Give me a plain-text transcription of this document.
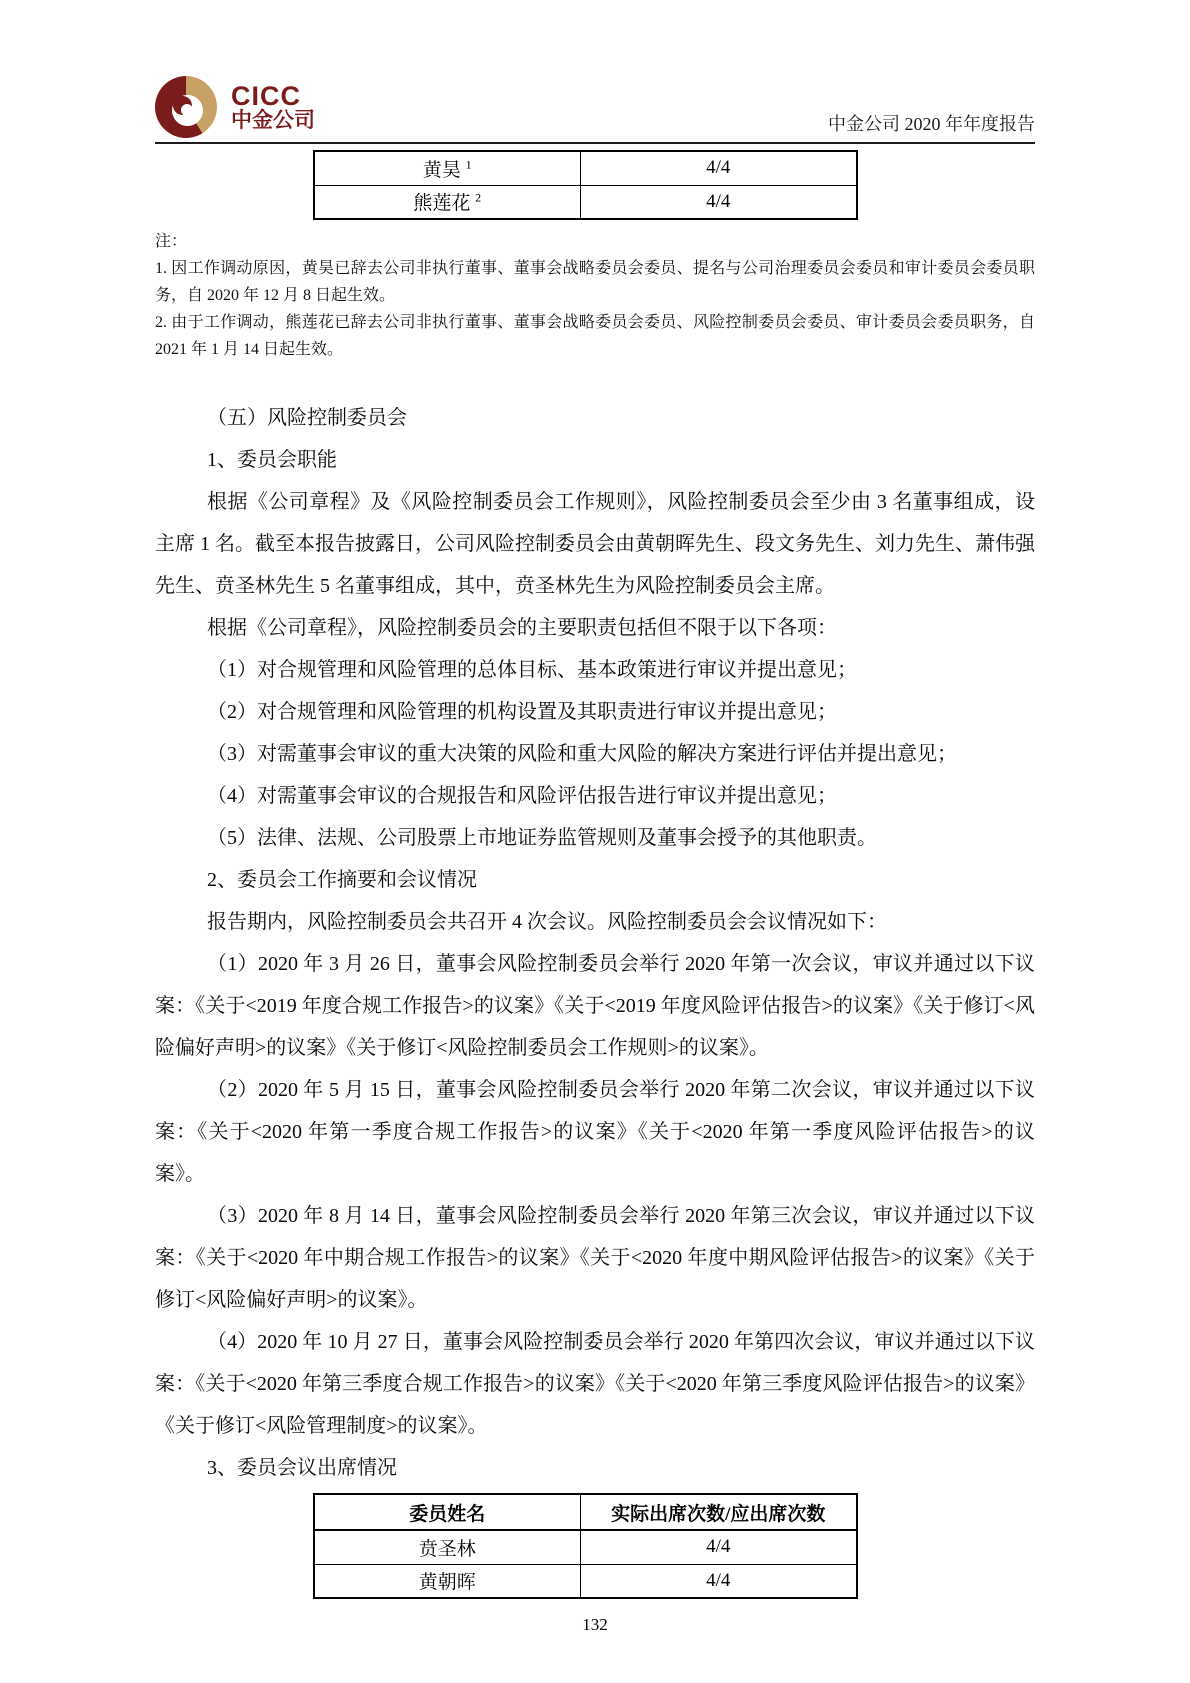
CICC
中金公司	中金公司 2020 年年度报告
黄昊 $^1$	4/4
熊莲花 $^2$	4/4

注：

1. 因工作调动原因，黄昊已辞去公司非执行董事、董事会战略委员会委员、提名与公司治理委员会委员和审计委员会委员职务，自 2020 年 12 月 8 日起生效。

2. 由于工作调动，熊莲花已辞去公司非执行董事、董事会战略委员会委员、风险控制委员会委员、审计委员会委员职务，自 2021 年 1 月 14 日起生效。

（五）风险控制委员会

1、委员会职能

根据《公司章程》及《风险控制委员会工作规则》，风险控制委员会至少由 3 名董事组成，设主席 1 名。截至本报告披露日，公司风险控制委员会由黄朝晖先生、段文务先生、刘力先生、萧伟强先生、贲圣林先生 5 名董事组成，其中，贲圣林先生为风险控制委员会主席。

根据《公司章程》，风险控制委员会的主要职责包括但不限于以下各项：

（1）对合规管理和风险管理的总体目标、基本政策进行审议并提出意见；

（2）对合规管理和风险管理的机构设置及其职责进行审议并提出意见；

（3）对需董事会审议的重大决策的风险和重大风险的解决方案进行评估并提出意见；

（4）对需董事会审议的合规报告和风险评估报告进行审议并提出意见；

（5）法律、法规、公司股票上市地证券监管规则及董事会授予的其他职责。

2、委员会工作摘要和会议情况

报告期内，风险控制委员会共召开 4 次会议。风险控制委员会会议情况如下：

（1）2020 年 3 月 26 日，董事会风险控制委员会举行 2020 年第一次会议，审议并通过以下议案：《关于<2019 年度合规工作报告>的议案》《关于<2019 年度风险评估报告>的议案》《关于修订<风险偏好声明>的议案》《关于修订<风险控制委员会工作规则>的议案》。

（2）2020 年 5 月 15 日，董事会风险控制委员会举行 2020 年第二次会议，审议并通过以下议案：《关于<2020 年第一季度合规工作报告>的议案》《关于<2020 年第一季度风险评估报告>的议案》。

（3）2020 年 8 月 14 日，董事会风险控制委员会举行 2020 年第三次会议，审议并通过以下议案：《关于<2020 年中期合规工作报告>的议案》《关于<2020 年度中期风险评估报告>的议案》《关于修订<风险偏好声明>的议案》。

（4）2020 年 10 月 27 日，董事会风险控制委员会举行 2020 年第四次会议，审议并通过以下议案：《关于<2020 年第三季度合规工作报告>的议案》《关于<2020 年第三季度风险评估报告>的议案》《关于修订<风险管理制度>的议案》。

3、委员会议出席情况

委员姓名	实际出席次数/应出席次数
贲圣林	4/4
黄朝晖	4/4
132
